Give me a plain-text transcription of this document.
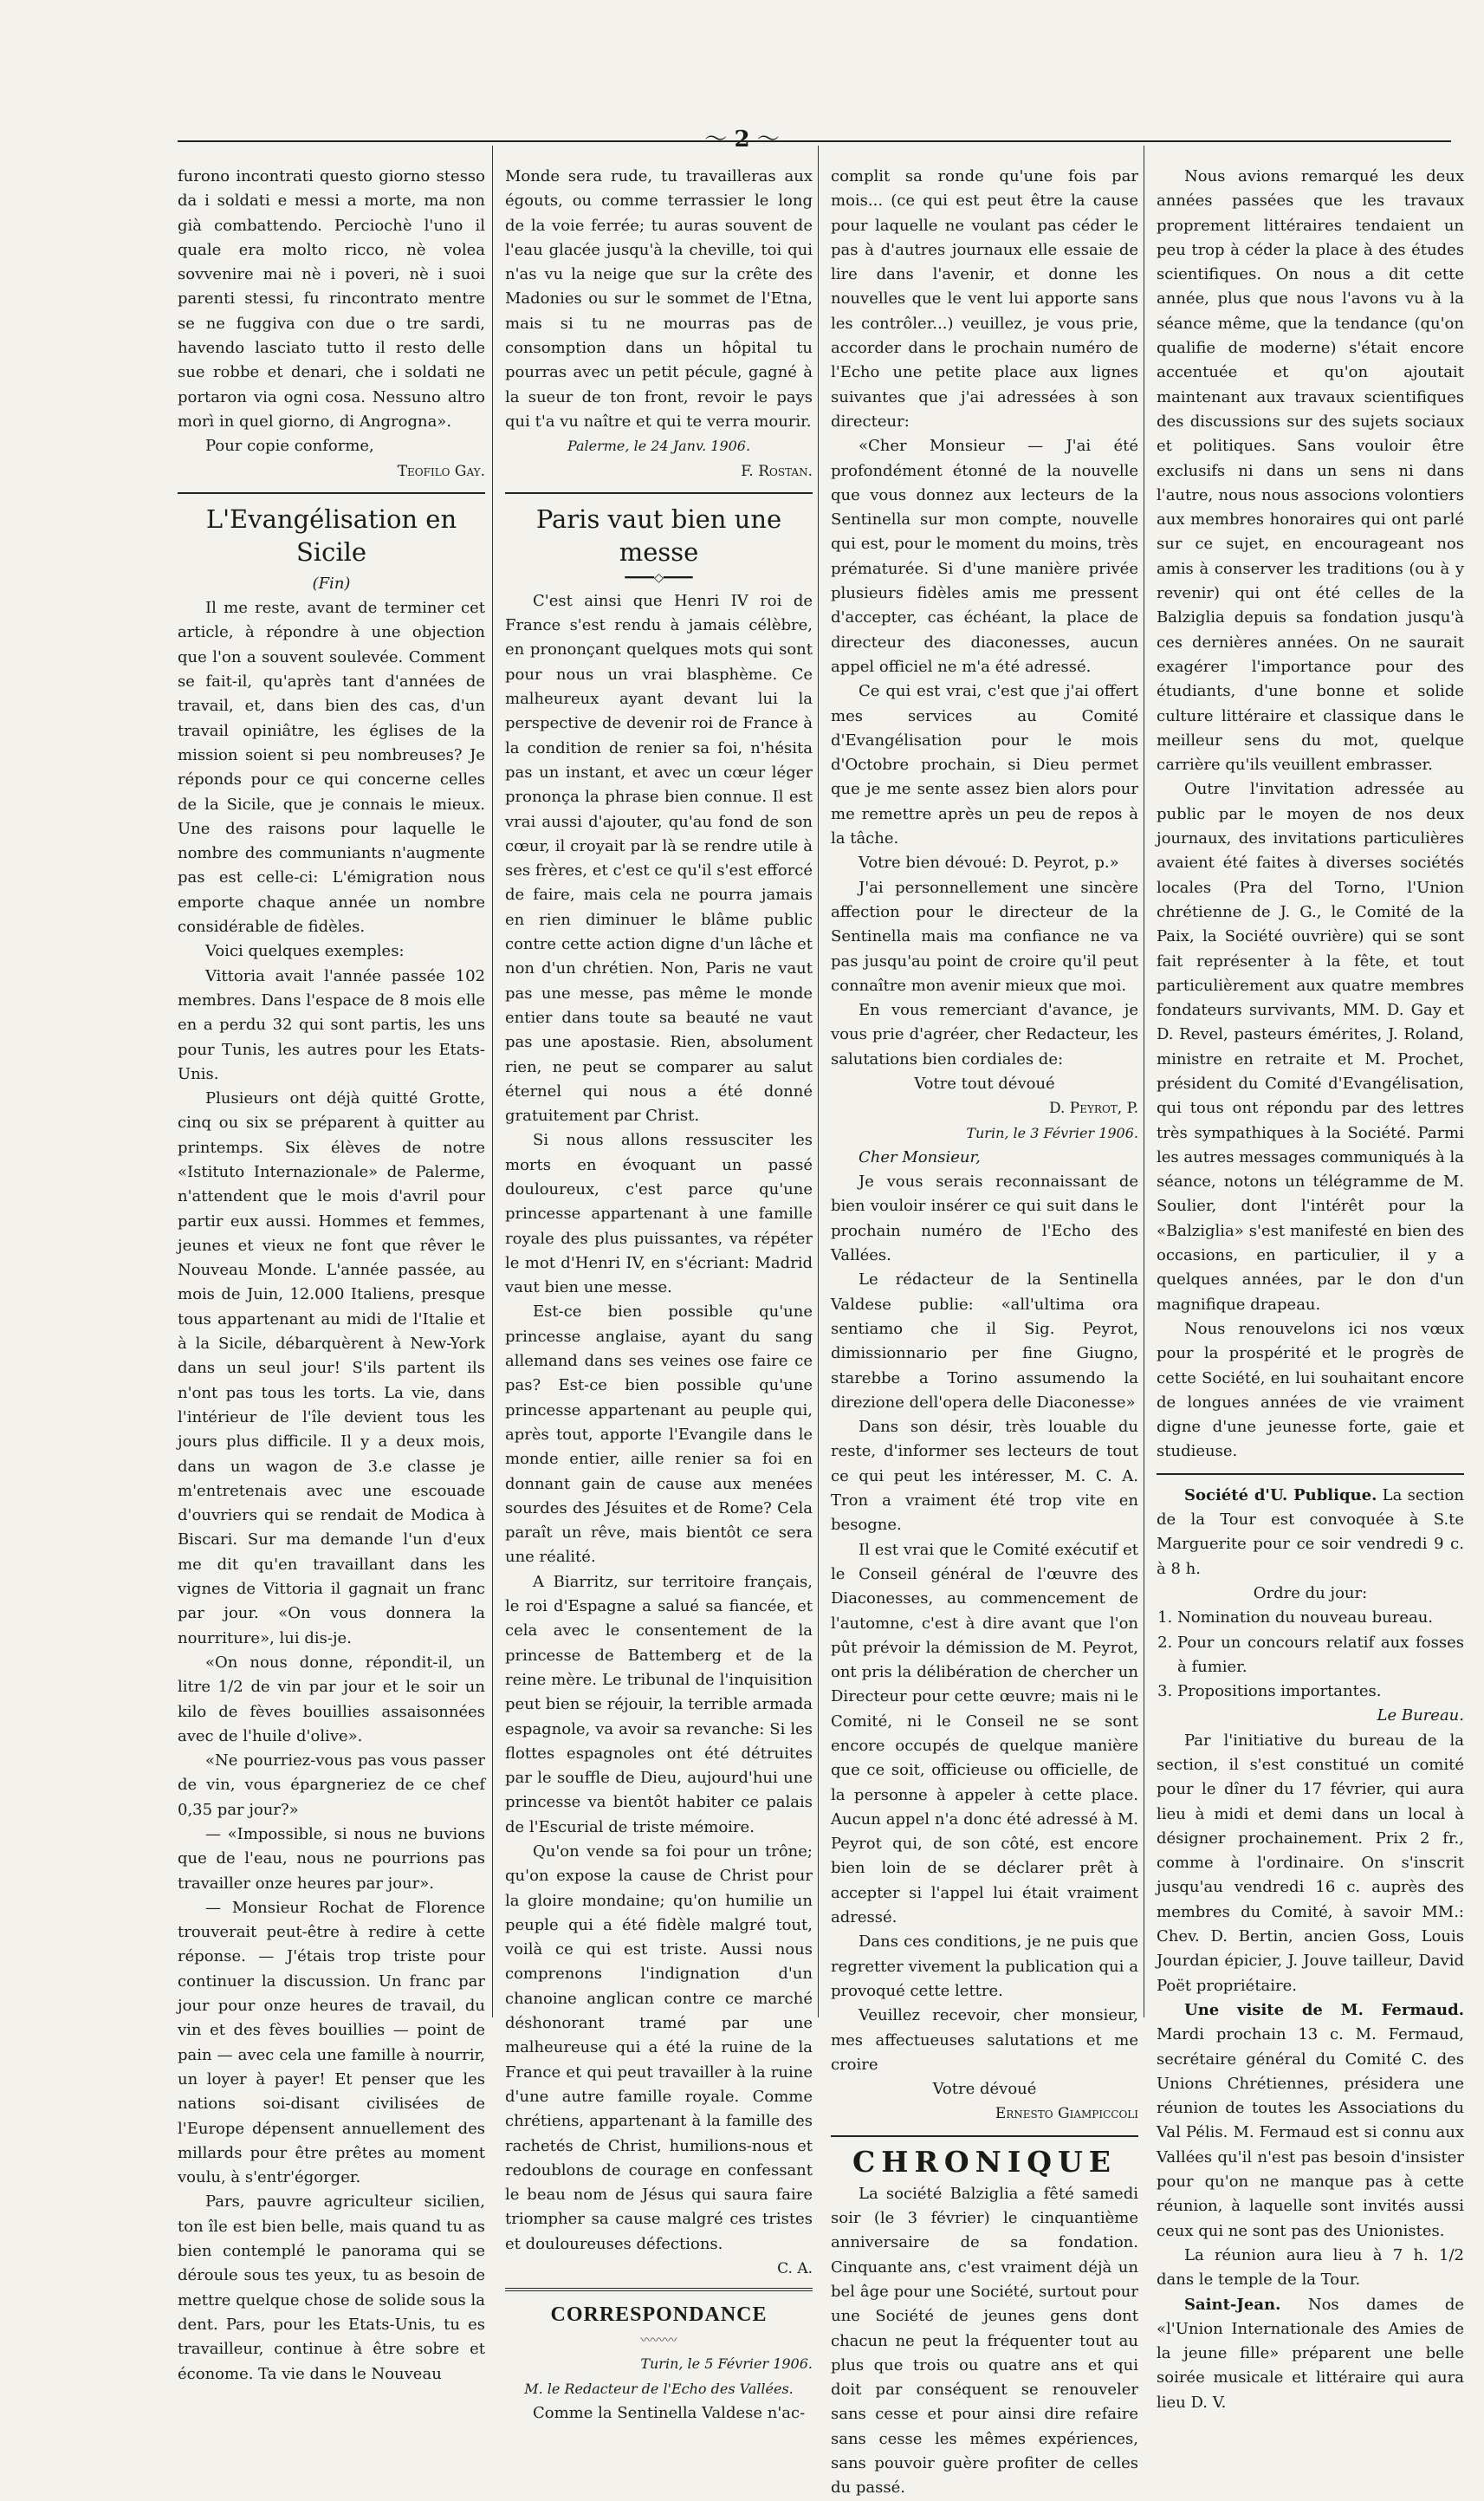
〜 2 〜

furono incontrati questo giorno stesso da i soldati e messi a morte, ma non già combattendo. Perciochè l'uno il quale era molto ricco, nè volea sovvenire mai nè i poveri, nè i suoi parenti stessi, fu rincontrato mentre se ne fuggiva con due o tre sardi, havendo lasciato tutto il resto delle sue robbe et denari, che i soldati ne portaron via ogni cosa. Nessuno altro morì in quel giorno, di Angrogna».

Pour copie conforme,

Teofilo Gay.
L'Evangélisation en Sicile
(Fin)

Il me reste, avant de terminer cet article, à répondre à une objection que l'on a souvent soulevée. Comment se fait-il, qu'après tant d'années de travail, et, dans bien des cas, d'un travail opiniâtre, les églises de la mission soient si peu nombreuses? Je réponds pour ce qui concerne celles de la Sicile, que je connais le mieux. Une des raisons pour laquelle le nombre des communiants n'augmente pas est celle-ci: L'émigration nous emporte chaque année un nombre considérable de fidèles.

Voici quelques exemples:

Vittoria avait l'année passée 102 membres. Dans l'espace de 8 mois elle en a perdu 32 qui sont partis, les uns pour Tunis, les autres pour les Etats-Unis.

Plusieurs ont déjà quitté Grotte, cinq ou six se préparent à quitter au printemps. Six élèves de notre «Istituto Internazionale» de Palerme, n'attendent que le mois d'avril pour partir eux aussi. Hommes et femmes, jeunes et vieux ne font que rêver le Nouveau Monde. L'année passée, au mois de Juin, 12.000 Italiens, presque tous appartenant au midi de l'Italie et à la Sicile, débarquèrent à New-York dans un seul jour! S'ils partent ils n'ont pas tous les torts. La vie, dans l'intérieur de l'île devient tous les jours plus difficile. Il y a deux mois, dans un wagon de 3.e classe je m'entretenais avec une escouade d'ouvriers qui se rendait de Modica à Biscari. Sur ma demande l'un d'eux me dit qu'en travaillant dans les vignes de Vittoria il gagnait un franc par jour. «On vous donnera la nourriture», lui dis-je.

«On nous donne, répondit-il, un litre 1/2 de vin par jour et le soir un kilo de fèves bouillies assaisonnées avec de l'huile d'olive».

«Ne pourriez-vous pas vous passer de vin, vous épargneriez de ce chef 0,35 par jour?»

— «Impossible, si nous ne buvions que de l'eau, nous ne pourrions pas travailler onze heures par jour».

— Monsieur Rochat de Florence trouverait peut-être à redire à cette réponse. — J'étais trop triste pour continuer la discussion. Un franc par jour pour onze heures de travail, du vin et des fèves bouillies — point de pain — avec cela une famille à nourrir, un loyer à payer! Et penser que les nations soi-disant civilisées de l'Europe dépensent annuellement des millards pour être prêtes au moment voulu, à s'entr'égorger.

Pars, pauvre agriculteur sicilien, ton île est bien belle, mais quand tu as bien contemplé le panorama qui se déroule sous tes yeux, tu as besoin de mettre quelque chose de solide sous la dent. Pars, pour les Etats-Unis, tu es travailleur, continue à être sobre et économe. Ta vie dans le Nouveau

Monde sera rude, tu travailleras aux égouts, ou comme terrassier le long de la voie ferrée; tu auras souvent de l'eau glacée jusqu'à la cheville, toi qui n'as vu la neige que sur la crête des Madonies ou sur le sommet de l'Etna, mais si tu ne mourras pas de consomption dans un hôpital tu pourras avec un petit pécule, gagné à la sueur de ton front, revoir le pays qui t'a vu naître et qui te verra mourir.

Palerme, le 24 Janv. 1906.
F. Rostan.
Paris vaut bien une messe
━━━━◇━━━━

C'est ainsi que Henri IV roi de France s'est rendu à jamais célèbre, en prononçant quelques mots qui sont pour nous un vrai blasphème. Ce malheureux ayant devant lui la perspective de devenir roi de France à la condition de renier sa foi, n'hésita pas un instant, et avec un cœur léger prononça la phrase bien connue. Il est vrai aussi d'ajouter, qu'au fond de son cœur, il croyait par là se rendre utile à ses frères, et c'est ce qu'il s'est efforcé de faire, mais cela ne pourra jamais en rien diminuer le blâme public contre cette action digne d'un lâche et non d'un chrétien. Non, Paris ne vaut pas une messe, pas même le monde entier dans toute sa beauté ne vaut pas une apostasie. Rien, absolument rien, ne peut se comparer au salut éternel qui nous a été donné gratuitement par Christ.

Si nous allons ressusciter les morts en évoquant un passé douloureux, c'est parce qu'une princesse appartenant à une famille royale des plus puissantes, va répéter le mot d'Henri IV, en s'écriant: Madrid vaut bien une messe.

Est-ce bien possible qu'une princesse anglaise, ayant du sang allemand dans ses veines ose faire ce pas? Est-ce bien possible qu'une princesse appartenant au peuple qui, après tout, apporte l'Evangile dans le monde entier, aille renier sa foi en donnant gain de cause aux menées sourdes des Jésuites et de Rome? Cela paraît un rêve, mais bientôt ce sera une réalité.

A Biarritz, sur territoire français, le roi d'Espagne a salué sa fiancée, et cela avec le consentement de la princesse de Battemberg et de la reine mère. Le tribunal de l'inquisition peut bien se réjouir, la terrible armada espagnole, va avoir sa revanche: Si les flottes espagnoles ont été détruites par le souffle de Dieu, aujourd'hui une princesse va bientôt habiter ce palais de l'Escurial de triste mémoire.

Qu'on vende sa foi pour un trône; qu'on expose la cause de Christ pour la gloire mondaine; qu'on humilie un peuple qui a été fidèle malgré tout, voilà ce qui est triste. Aussi nous comprenons l'indignation d'un chanoine anglican contre ce marché déshonorant tramé par une malheureuse qui a été la ruine de la France et qui peut travailler à la ruine d'une autre famille royale. Comme chrétiens, appartenant à la famille des rachetés de Christ, humilions-nous et redoublons de courage en confessant le beau nom de Jésus qui saura faire triompher sa cause malgré ces tristes et douloureuses défections.

C. A.
CORRESPONDANCE
〰〰〰
Turin, le 5 Février 1906.
M. le Redacteur de l'Echo des Vallées.

Comme la Sentinella Valdese n'ac-

complit sa ronde qu'une fois par mois... (ce qui est peut être la cause pour laquelle ne voulant pas céder le pas à d'autres journaux elle essaie de lire dans l'avenir, et donne les nouvelles que le vent lui apporte sans les contrôler...) veuillez, je vous prie, accorder dans le prochain numéro de l'Echo une petite place aux lignes suivantes que j'ai adressées à son directeur:

«Cher Monsieur — J'ai été profondément étonné de la nouvelle que vous donnez aux lecteurs de la Sentinella sur mon compte, nouvelle qui est, pour le moment du moins, très prématurée. Si d'une manière privée plusieurs fidèles amis me pressent d'accepter, cas échéant, la place de directeur des diaconesses, aucun appel officiel ne m'a été adressé.

Ce qui est vrai, c'est que j'ai offert mes services au Comité d'Evangélisation pour le mois d'Octobre prochain, si Dieu permet que je me sente assez bien alors pour me remettre après un peu de repos à la tâche.

Votre bien dévoué: D. Peyrot, p.»

J'ai personnellement une sincère affection pour le directeur de la Sentinella mais ma confiance ne va pas jusqu'au point de croire qu'il peut connaître mon avenir mieux que moi.

En vous remerciant d'avance, je vous prie d'agréer, cher Redacteur, les salutations bien cordiales de:

Votre tout dévoué
D. Peyrot, P.
Turin, le 3 Février 1906.
Cher Monsieur,

Je vous serais reconnaissant de bien vouloir insérer ce qui suit dans le prochain numéro de l'Echo des Vallées.

Le rédacteur de la Sentinella Valdese publie: «all'ultima ora sentiamo che il Sig. Peyrot, dimissionnario per fine Giugno, starebbe a Torino assumendo la direzione dell'opera delle Diaconesse»

Dans son désir, très louable du reste, d'informer ses lecteurs de tout ce qui peut les intéresser, M. C. A. Tron a vraiment été trop vite en besogne.

Il est vrai que le Comité exécutif et le Conseil général de l'œuvre des Diaconesses, au commencement de l'automne, c'est à dire avant que l'on pût prévoir la démission de M. Peyrot, ont pris la délibération de chercher un Directeur pour cette œuvre; mais ni le Comité, ni le Conseil ne se sont encore occupés de quelque manière que ce soit, officieuse ou officielle, de la personne à appeler à cette place. Aucun appel n'a donc été adressé à M. Peyrot qui, de son côté, est encore bien loin de se déclarer prêt à accepter si l'appel lui était vraiment adressé.

Dans ces conditions, je ne puis que regretter vivement la publication qui a provoqué cette lettre.

Veuillez recevoir, cher monsieur, mes affectueuses salutations et me croire

Votre dévoué
Ernesto Giampiccoli
CHRONIQUE

La société Balziglia a fêté samedi soir (le 3 février) le cinquantième anniversaire de sa fondation. Cinquante ans, c'est vraiment déjà un bel âge pour une Société, surtout pour une Société de jeunes gens dont chacun ne peut la fréquenter tout au plus que trois ou quatre ans et qui doit par conséquent se renouveler sans cesse et pour ainsi dire refaire sans cesse les mêmes expériences, sans pouvoir guère profiter de celles du passé.

Nous avions remarqué les deux années passées que les travaux proprement littéraires tendaient un peu trop à céder la place à des études scientifiques. On nous a dit cette année, plus que nous l'avons vu à la séance même, que la tendance (qu'on qualifie de moderne) s'était encore accentuée et qu'on ajoutait maintenant aux travaux scientifiques des discussions sur des sujets sociaux et politiques. Sans vouloir être exclusifs ni dans un sens ni dans l'autre, nous nous associons volontiers aux membres honoraires qui ont parlé sur ce sujet, en encourageant nos amis à conserver les traditions (ou à y revenir) qui ont été celles de la Balziglia depuis sa fondation jusqu'à ces dernières années. On ne saurait exagérer l'importance pour des étudiants, d'une bonne et solide culture littéraire et classique dans le meilleur sens du mot, quelque carrière qu'ils veuillent embrasser.

Outre l'invitation adressée au public par le moyen de nos deux journaux, des invitations particulières avaient été faites à diverses sociétés locales (Pra del Torno, l'Union chrétienne de J. G., le Comité de la Paix, la Société ouvrière) qui se sont fait représenter à la fête, et tout particulièrement aux quatre membres fondateurs survivants, MM. D. Gay et D. Revel, pasteurs émérites, J. Roland, ministre en retraite et M. Prochet, président du Comité d'Evangélisation, qui tous ont répondu par des lettres très sympathiques à la Société. Parmi les autres messages communiqués à la séance, notons un télégramme de M. Soulier, dont l'intérêt pour la «Balziglia» s'est manifesté en bien des occasions, en particulier, il y a quelques années, par le don d'un magnifique drapeau.

Nous renouvelons ici nos vœux pour la prospérité et le progrès de cette Société, en lui souhaitant encore de longues années de vie vraiment digne d'une jeunesse forte, gaie et studieuse.

Société d'U. Publique. La section de la Tour est convoquée à S.te Marguerite pour ce soir vendredi 9 c. à 8 h.

Ordre du jour:
1. Nomination du nouveau bureau.
2. Pour un concours relatif aux fosses à fumier.
3. Propositions importantes.
Le Bureau.

Par l'initiative du bureau de la section, il s'est constitué un comité pour le dîner du 17 février, qui aura lieu à midi et demi dans un local à désigner prochainement. Prix 2 fr., comme à l'ordinaire. On s'inscrit jusqu'au vendredi 16 c. auprès des membres du Comité, à savoir MM.: Chev. D. Bertin, ancien Goss, Louis Jourdan épicier, J. Jouve tailleur, David Poët propriétaire.

Une visite de M. Fermaud. Mardi prochain 13 c. M. Fermaud, secrétaire général du Comité C. des Unions Chrétiennes, présidera une réunion de toutes les Associations du Val Pélis. M. Fermaud est si connu aux Vallées qu'il n'est pas besoin d'insister pour qu'on ne manque pas à cette réunion, à laquelle sont invités aussi ceux qui ne sont pas des Unionistes.

La réunion aura lieu à 7 h. 1/2 dans le temple de la Tour.

Saint-Jean. Nos dames de «l'Union Internationale des Amies de la jeune fille» préparent une belle soirée musicale et littéraire qui aura lieu D. V.
